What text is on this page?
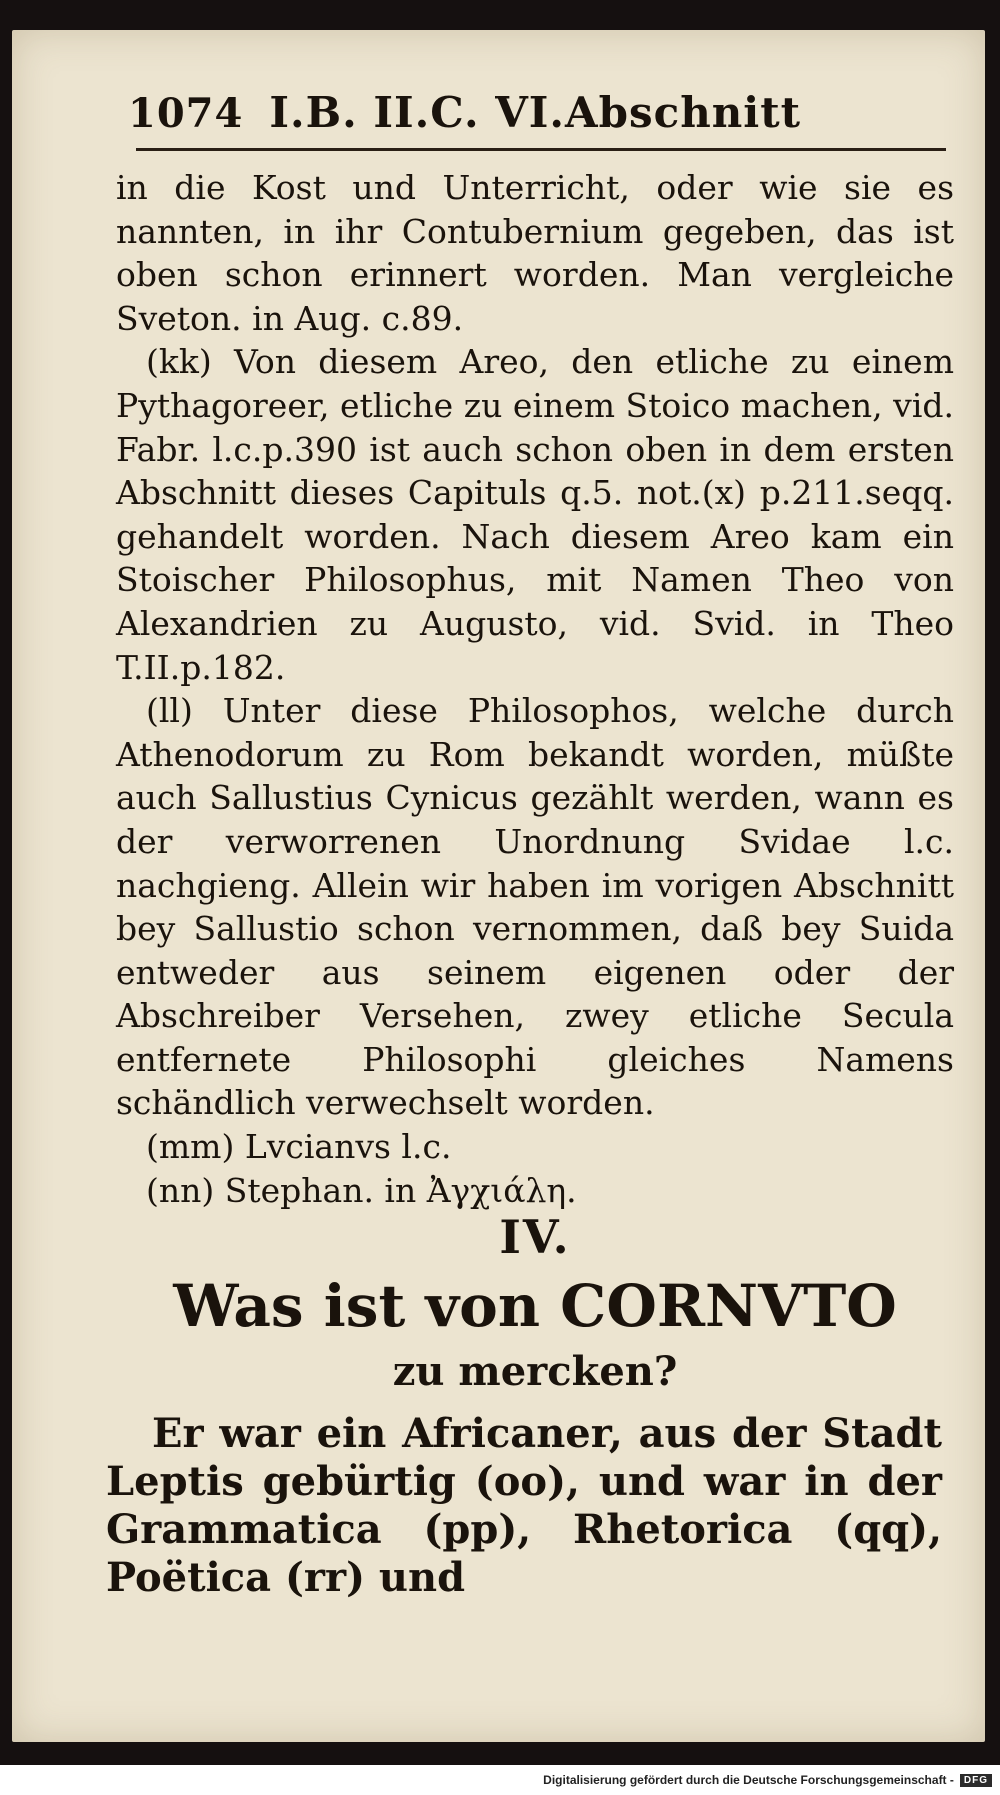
1074 I.B. II.C. VI.Abschnitt

in die Kost und Unterricht, oder wie sie es nannten, in ihr Contubernium gegeben, das ist oben schon erinnert worden. Man vergleiche Sveton. in Aug. c.89.

(kk) Von diesem Areo, den etliche zu einem Pythagoreer, etliche zu einem Stoico machen, vid. Fabr. l.c.p.390 ist auch schon oben in dem ersten Abschnitt dieses Capituls q.5. not.(x) p.211.seqq. gehandelt worden. Nach diesem Areo kam ein Stoischer Philosophus, mit Namen Theo von Alexandrien zu Augusto, vid. Svid. in Theo T.II.p.182.

(ll) Unter diese Philosophos, welche durch Athenodorum zu Rom bekandt worden, müßte auch Sallustius Cynicus gezählt werden, wann es der verworrenen Unordnung Svidae l.c. nachgieng. Allein wir haben im vorigen Abschnitt bey Sallustio schon vernommen, daß bey Suida entweder aus seinem eigenen oder der Abschreiber Versehen, zwey etliche Secula entfernete Philosophi gleiches Namens schändlich verwechselt worden.

(mm) Lvcianvs l.c.

(nn) Stephan. in Ἀγχιάλη.

IV.
Was ist von CORNVTO
zu mercken?

Er war ein Africaner, aus der Stadt Leptis gebürtig (oo), und war in der Grammatica (pp), Rhetorica (qq), Poëtica (rr) und

Digitalisierung gefördert durch die Deutsche Forschungsgemeinschaft -	DFG
